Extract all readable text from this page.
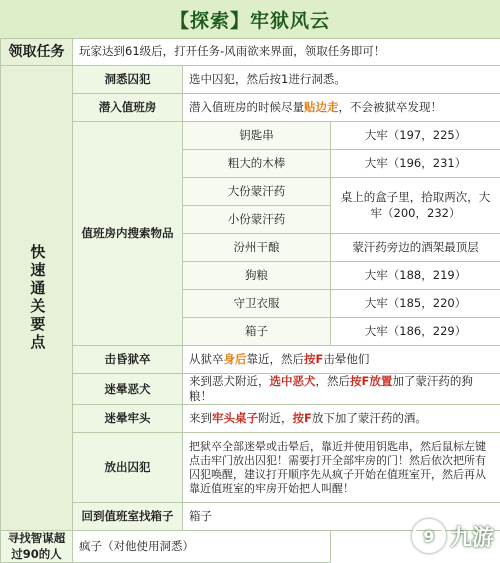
【探索】牢狱风云
领取任务	玩家达到61级后，打开任务-风雨欲来界面，领取任务即可！		
快速通关要点	洞悉囚犯	选中囚犯，然后按1进行洞悉。	
	潜入值班房	潜入值班房的时候尽量贴边走，不会被狱卒发现！	
	值班房内搜索物品	钥匙串	大牢（197，225）
		粗大的木棒	大牢（196，231）
		大份蒙汗药	桌上的盒子里，拾取两次，大牢（200，232）
		小份蒙汗药	
		汾州干酿	蒙汗药旁边的酒架最顶层
		狗粮	大牢（188，219）
		守卫衣服	大牢（185，220）
		箱子	大牢（186，229）
	击昏狱卒	从狱卒身后靠近，然后按F击晕他们	
	迷晕恶犬	来到恶犬附近，选中恶犬，然后按F放置加了蒙汗药的狗粮！	
	迷晕牢头	来到牢头桌子附近，按F放下加了蒙汗药的酒。	
	放出囚犯	把狱卒全部迷晕或击晕后，靠近并使用钥匙串，然后鼠标左键点击牢门放出囚犯！需要打开全部牢房的门！然后依次把所有囚犯唤醒，建议打开顺序先从疯子开始在值班室开，然后再从靠近值班室的牢房开始把人叫醒！	
	回到值班室找箱子	箱子	
寻找智谋超过90的人	疯子（对他使用洞悉）		
9 九游
